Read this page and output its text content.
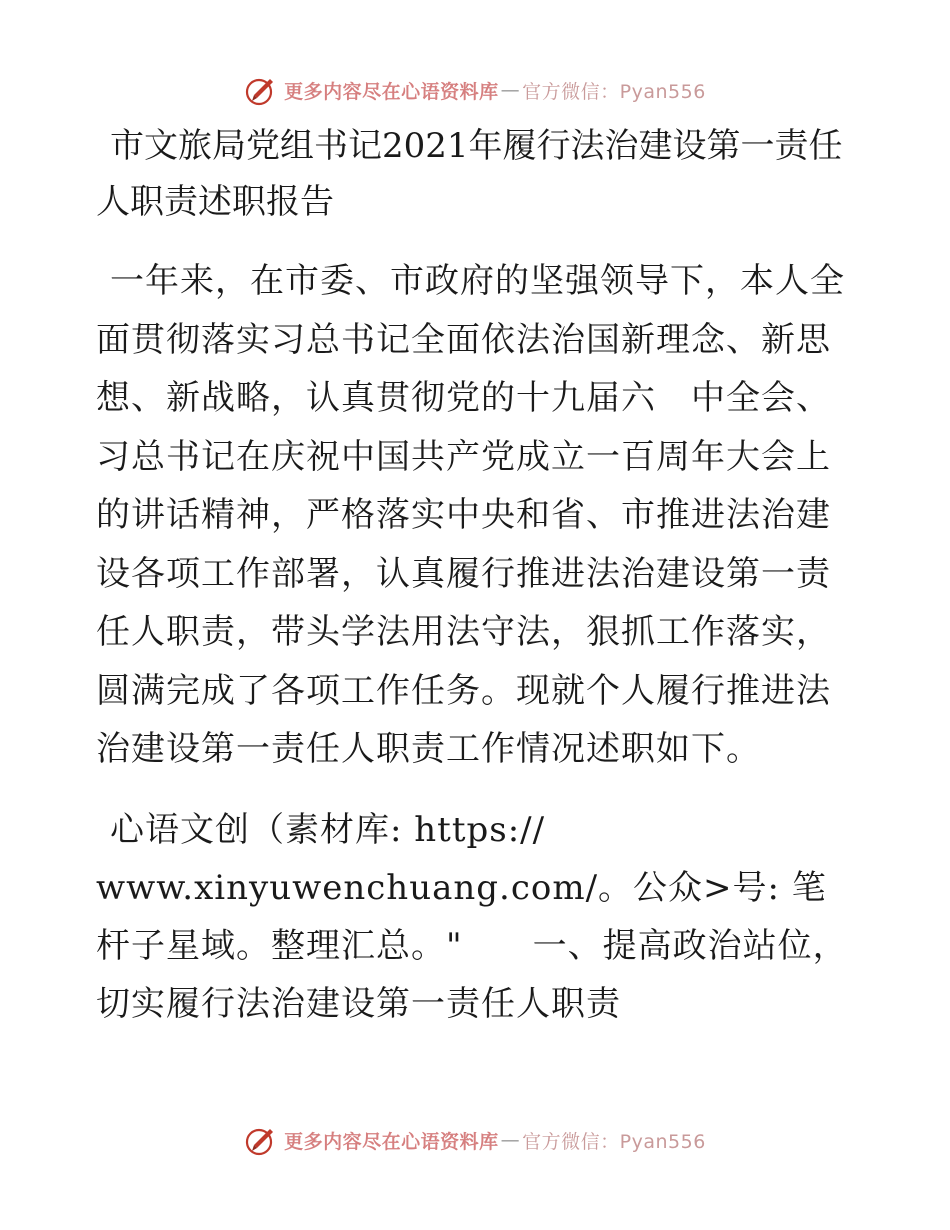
更多内容尽在心语资料库 — 官方微信：Pyan556
市文旅局党组书记2021年履行法治建设第一责任人职责述职报告

一年来，在市委、市政府的坚强领导下，本人全面贯彻落实习总书记全面依法治国新理念、新思想、新战略，认真贯彻党的十九届六　中全会、习总书记在庆祝中国共产党成立一百周年大会上的讲话精神，严格落实中央和省、市推进法治建设各项工作部署，认真履行推进法治建设第一责任人职责，带头学法用法守法，狠抓工作落实，圆满完成了各项工作任务。现就个人履行推进法治建设第一责任人职责工作情况述职如下。

心语文创（素材库: https:// www.xinyuwenchuang.com/。公众>号: 笔杆子星域。整理汇总。"　　一、提高政治站位，切实履行法治建设第一责任人职责

更多内容尽在心语资料库 — 官方微信：Pyan556
